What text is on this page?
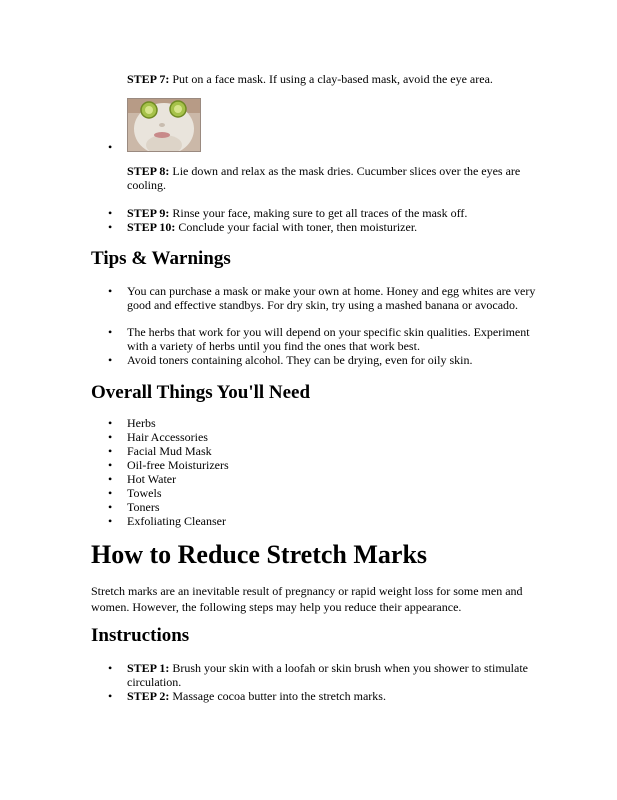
STEP 7: Put on a face mask. If using a clay-based mask, avoid the eye area.
•
STEP 8: Lie down and relax as the mask dries. Cucumber slices over the eyes are cooling.
• STEP 9: Rinse your face, making sure to get all traces of the mask off.
• STEP 10: Conclude your facial with toner, then moisturizer.
Tips & Warnings
• You can purchase a mask or make your own at home. Honey and egg whites are very good and effective standbys. For dry skin, try using a mashed banana or avocado.
• The herbs that work for you will depend on your specific skin qualities. Experiment with a variety of herbs until you find the ones that work best.
• Avoid toners containing alcohol. They can be drying, even for oily skin.
Overall Things You'll Need
• Herbs
• Hair Accessories
• Facial Mud Mask
• Oil-free Moisturizers
• Hot Water
• Towels
• Toners
• Exfoliating Cleanser
How to Reduce Stretch Marks

Stretch marks are an inevitable result of pregnancy or rapid weight loss for some men and women. However, the following steps may help you reduce their appearance.

Instructions
• STEP 1: Brush your skin with a loofah or skin brush when you shower to stimulate circulation.
• STEP 2: Massage cocoa butter into the stretch marks.
